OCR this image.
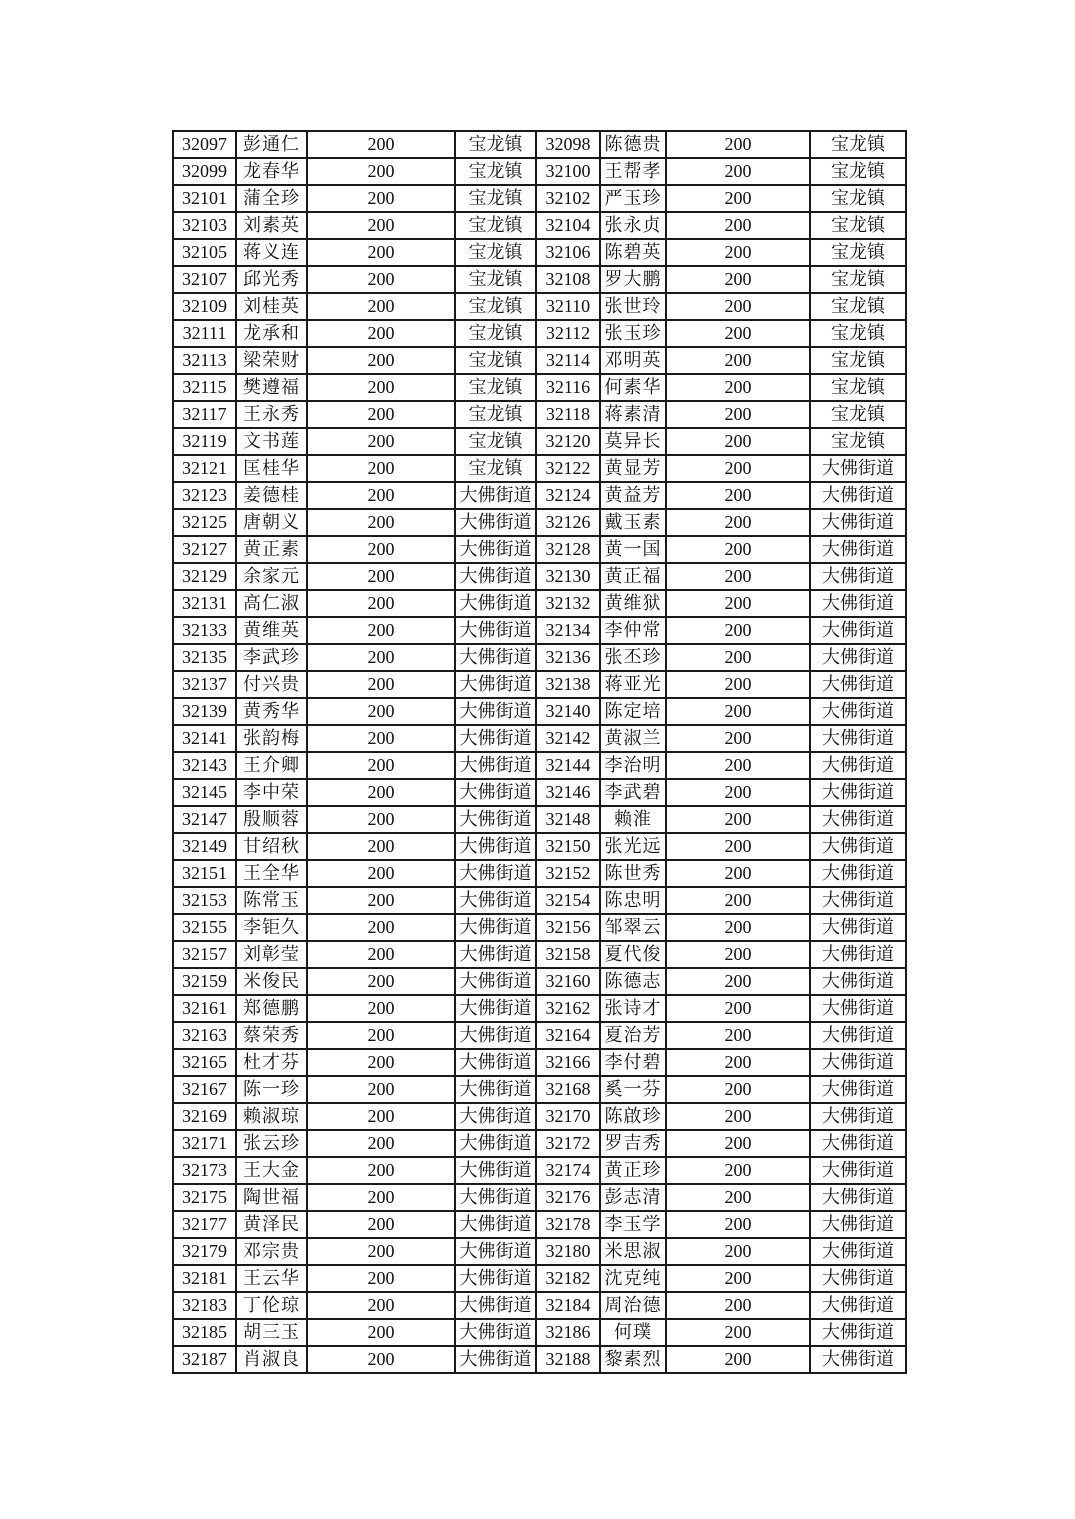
32097	彭通仁	200	宝龙镇	32098	陈德贵	200	宝龙镇
32099	龙春华	200	宝龙镇	32100	王帮孝	200	宝龙镇
32101	蒲全珍	200	宝龙镇	32102	严玉珍	200	宝龙镇
32103	刘素英	200	宝龙镇	32104	张永贞	200	宝龙镇
32105	蒋义连	200	宝龙镇	32106	陈碧英	200	宝龙镇
32107	邱光秀	200	宝龙镇	32108	罗大鹏	200	宝龙镇
32109	刘桂英	200	宝龙镇	32110	张世玲	200	宝龙镇
32111	龙承和	200	宝龙镇	32112	张玉珍	200	宝龙镇
32113	梁荣财	200	宝龙镇	32114	邓明英	200	宝龙镇
32115	樊遵福	200	宝龙镇	32116	何素华	200	宝龙镇
32117	王永秀	200	宝龙镇	32118	蒋素清	200	宝龙镇
32119	文书莲	200	宝龙镇	32120	莫异长	200	宝龙镇
32121	匡桂华	200	宝龙镇	32122	黄显芳	200	大佛街道
32123	姜德桂	200	大佛街道	32124	黄益芳	200	大佛街道
32125	唐朝义	200	大佛街道	32126	戴玉素	200	大佛街道
32127	黄正素	200	大佛街道	32128	黄一国	200	大佛街道
32129	余家元	200	大佛街道	32130	黄正福	200	大佛街道
32131	高仁淑	200	大佛街道	32132	黄维狱	200	大佛街道
32133	黄维英	200	大佛街道	32134	李仲常	200	大佛街道
32135	李武珍	200	大佛街道	32136	张丕珍	200	大佛街道
32137	付兴贵	200	大佛街道	32138	蒋亚光	200	大佛街道
32139	黄秀华	200	大佛街道	32140	陈定培	200	大佛街道
32141	张韵梅	200	大佛街道	32142	黄淑兰	200	大佛街道
32143	王介卿	200	大佛街道	32144	李治明	200	大佛街道
32145	李中荣	200	大佛街道	32146	李武碧	200	大佛街道
32147	殷顺蓉	200	大佛街道	32148	赖淮	200	大佛街道
32149	甘绍秋	200	大佛街道	32150	张光远	200	大佛街道
32151	王全华	200	大佛街道	32152	陈世秀	200	大佛街道
32153	陈常玉	200	大佛街道	32154	陈忠明	200	大佛街道
32155	李钜久	200	大佛街道	32156	邹翠云	200	大佛街道
32157	刘彰莹	200	大佛街道	32158	夏代俊	200	大佛街道
32159	米俊民	200	大佛街道	32160	陈德志	200	大佛街道
32161	郑德鹏	200	大佛街道	32162	张诗才	200	大佛街道
32163	蔡荣秀	200	大佛街道	32164	夏治芳	200	大佛街道
32165	杜才芬	200	大佛街道	32166	李付碧	200	大佛街道
32167	陈一珍	200	大佛街道	32168	奚一芬	200	大佛街道
32169	赖淑琼	200	大佛街道	32170	陈啟珍	200	大佛街道
32171	张云珍	200	大佛街道	32172	罗吉秀	200	大佛街道
32173	王大金	200	大佛街道	32174	黄正珍	200	大佛街道
32175	陶世福	200	大佛街道	32176	彭志清	200	大佛街道
32177	黄泽民	200	大佛街道	32178	李玉学	200	大佛街道
32179	邓宗贵	200	大佛街道	32180	米思淑	200	大佛街道
32181	王云华	200	大佛街道	32182	沈克纯	200	大佛街道
32183	丁伦琼	200	大佛街道	32184	周治德	200	大佛街道
32185	胡三玉	200	大佛街道	32186	何璞	200	大佛街道
32187	肖淑良	200	大佛街道	32188	黎素烈	200	大佛街道
